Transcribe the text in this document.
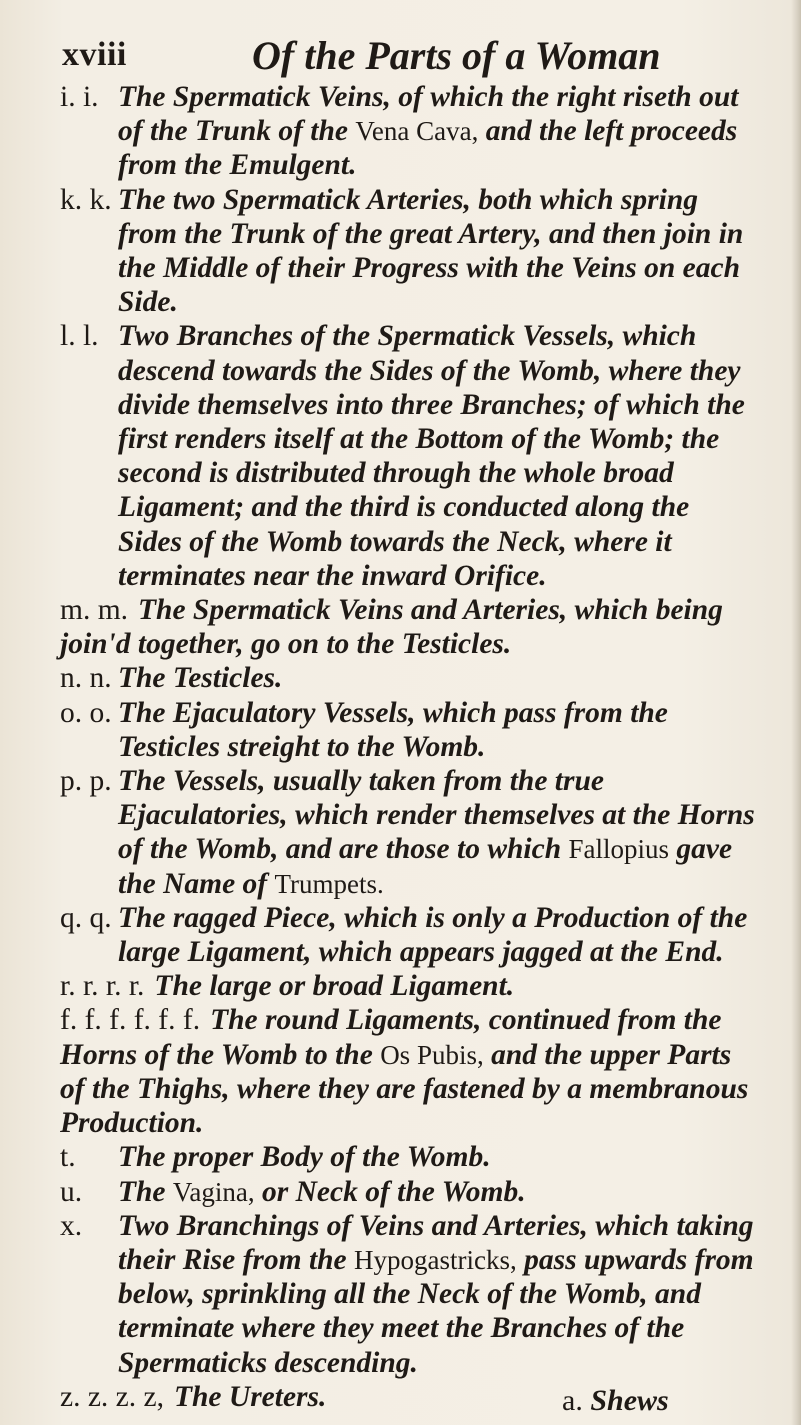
xviii	Of the Parts of a Woman
i. i. The Spermatick Veins, of which the right riseth out of the Trunk of the Vena Cava, and the left proceeds from the Emulgent.
k. k. The two Spermatick Arteries, both which spring from the Trunk of the great Artery, and then join in the Middle of their Progress with the Veins on each Side.
l. l. Two Branches of the Spermatick Vessels, which descend towards the Sides of the Womb, where they divide themselves into three Branches; of which the first renders itself at the Bottom of the Womb; the second is distributed through the whole broad Ligament; and the third is conducted along the Sides of the Womb towards the Neck, where it terminates near the inward Orifice.
m. m. The Spermatick Veins and Arteries, which being join'd together, go on to the Testicles.
n. n. The Testicles.
o. o. The Ejaculatory Vessels, which pass from the Testicles streight to the Womb.
p. p. The Vessels, usually taken from the true Ejaculatories, which render themselves at the Horns of the Womb, and are those to which Fallopius gave the Name of Trumpets.
q. q. The ragged Piece, which is only a Production of the large Ligament, which appears jagged at the End.
r. r. r. r. The large or broad Ligament.
f. f. f. f. f. f. The round Ligaments, continued from the Horns of the Womb to the Os Pubis, and the upper Parts of the Thighs, where they are fastened by a membranous Production.
t. The proper Body of the Womb.
u. The Vagina, or Neck of the Womb.
x. Two Branchings of Veins and Arteries, which taking their Rise from the Hypogastricks, pass upwards from below, sprinkling all the Neck of the Womb, and terminate where they meet the Branches of the Spermaticks descending.
z. z. z. z, The Ureters.	a. Shews
